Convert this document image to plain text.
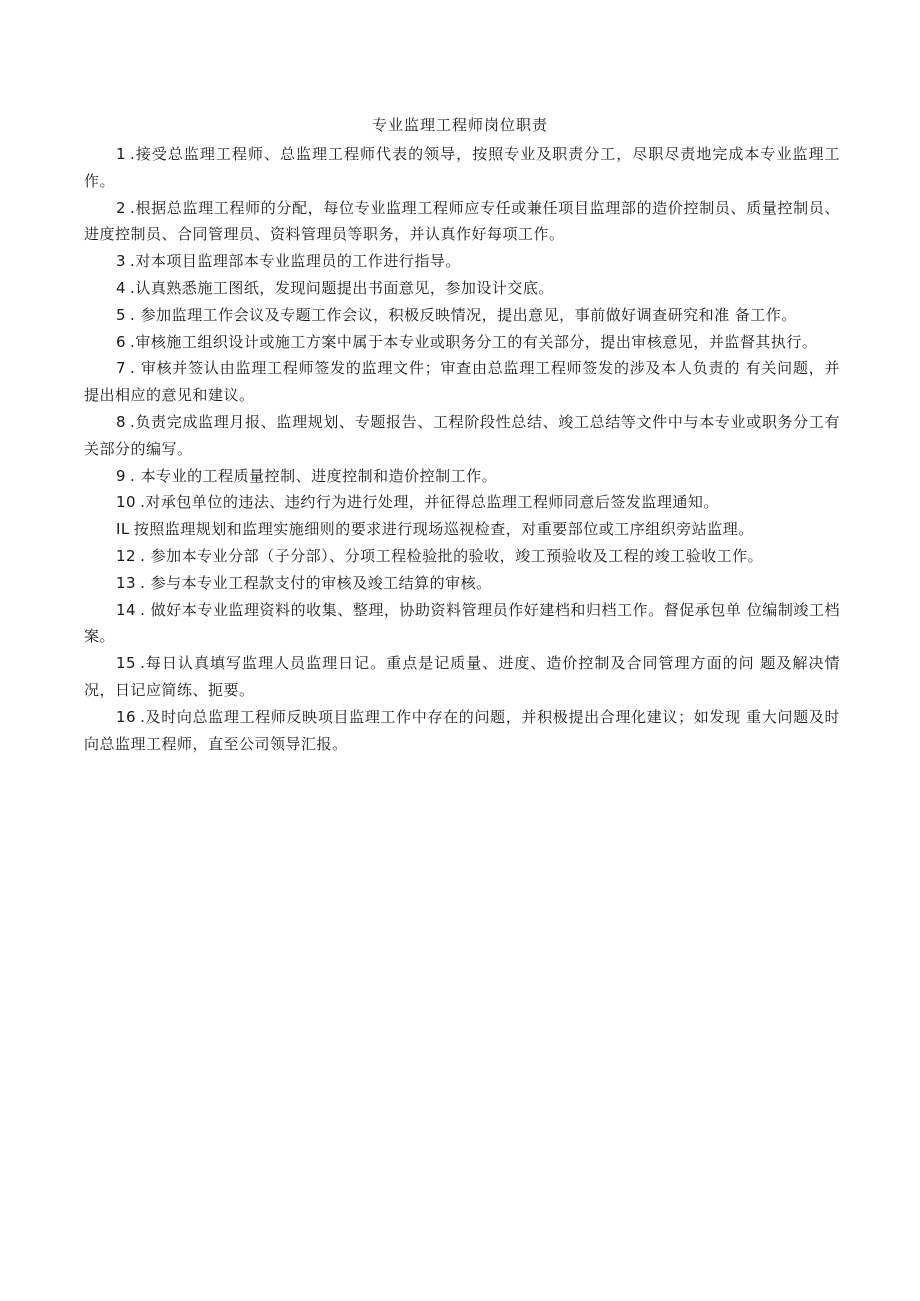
专业监理工程师岗位职责

1 .接受总监理工程师、总监理工程师代表的领导，按照专业及职责分工，尽职尽责地完成本专业监理工作。

2 .根据总监理工程师的分配，每位专业监理工程师应专任或兼任项目监理部的造价控制员、质量控制员、进度控制员、合同管理员、资料管理员等职务，并认真作好每项工作。

3 .对本项目监理部本专业监理员的工作进行指导。

4 .认真熟悉施工图纸，发现问题提出书面意见，参加设计交底。

5 . 参加监理工作会议及专题工作会议，积极反映情况，提出意见，事前做好调查研究和准 备工作。

6 .审核施工组织设计或施工方案中属于本专业或职务分工的有关部分，提出审核意见，并监督其执行。

7 . 审核并签认由监理工程师签发的监理文件；审查由总监理工程师签发的涉及本人负责的 有关问题，并提出相应的意见和建议。

8 .负责完成监理月报、监理规划、专题报告、工程阶段性总结、竣工总结等文件中与本专业或职务分工有关部分的编写。

9 . 本专业的工程质量控制、进度控制和造价控制工作。

10 .对承包单位的违法、违约行为进行处理，并征得总监理工程师同意后签发监理通知。

IL 按照监理规划和监理实施细则的要求进行现场巡视检查，对重要部位或工序组织旁站监理。

12 . 参加本专业分部（子分部）、分项工程检验批的验收，竣工预验收及工程的竣工验收工作。

13 . 参与本专业工程款支付的审核及竣工结算的审核。

14 . 做好本专业监理资料的收集、整理，协助资料管理员作好建档和归档工作。督促承包单 位编制竣工档案。

15 .每日认真填写监理人员监理日记。重点是记质量、进度、造价控制及合同管理方面的问 题及解决情况，日记应简练、扼要。

16 .及时向总监理工程师反映项目监理工作中存在的问题，并积极提出合理化建议；如发现 重大问题及时向总监理工程师，直至公司领导汇报。
